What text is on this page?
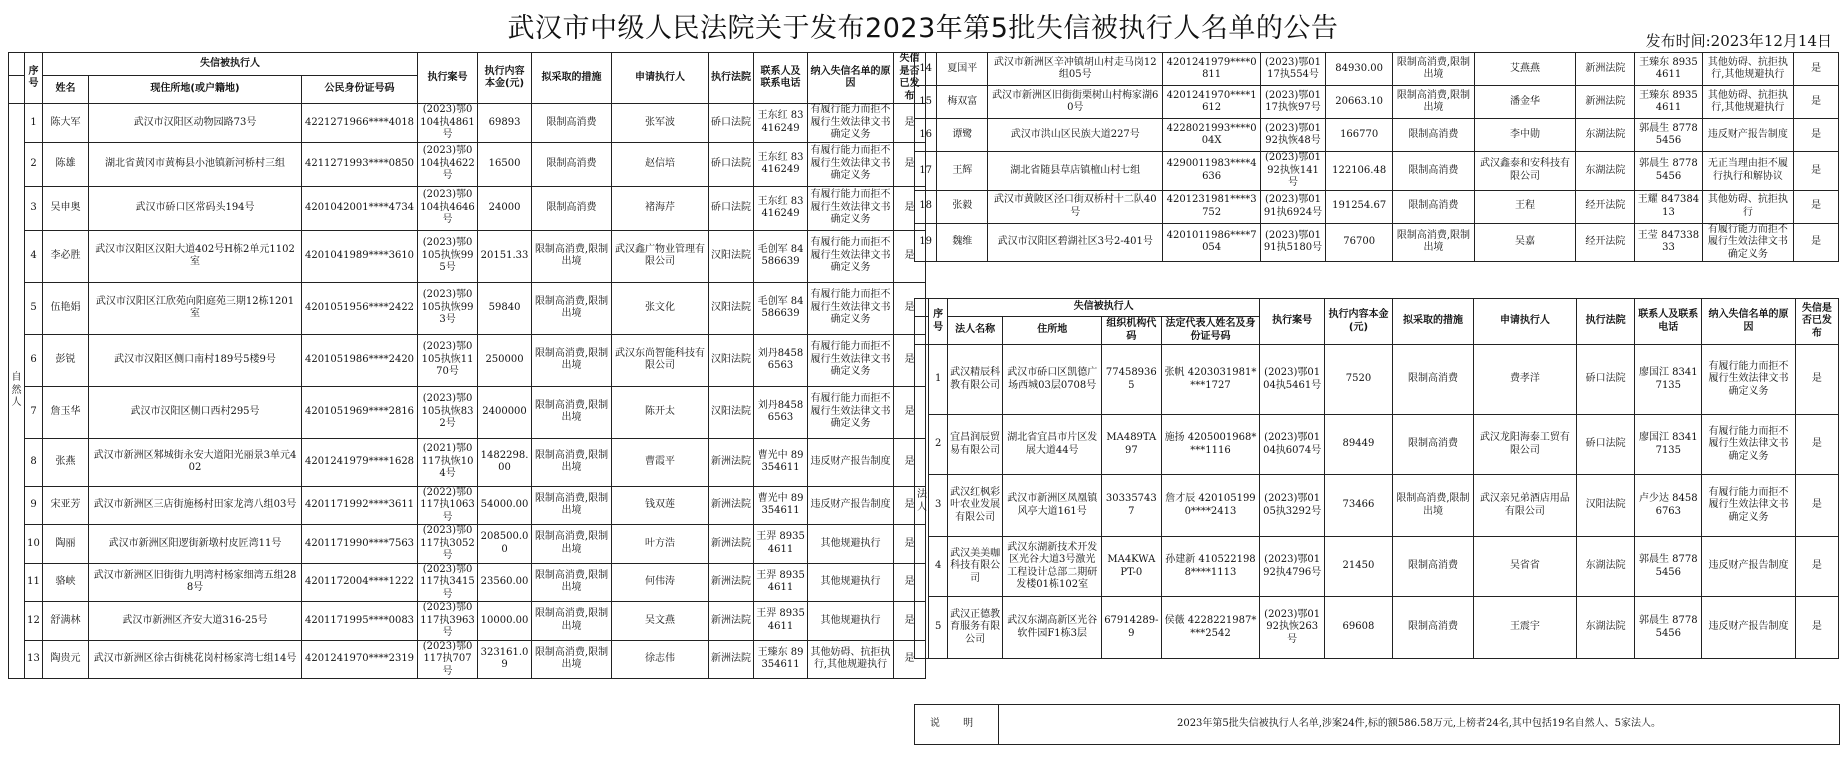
武汉市中级人民法院关于发布2023年第5批失信被执行人名单的公告	发布时间:2023年12月14日
	序号	失信被执行人			执行案号	执行内容本金(元)	拟采取的措施	申请执行人	执行法院	联系人及联系电话	纳入失信名单的原因	失信是否已发布
		姓名	现住所地(或户籍地)	公民身份证号码								
自然人	1	陈大军	武汉市汉阳区动物园路73号	4221271966****4018	(2023)鄂0104执4861号	69893	限制高消费	张军波	硚口法院	王东红 83416249	有履行能力而拒不履行生效法律文书确定义务	是
	2	陈雄	湖北省黄冈市黄梅县小池镇新河桥村三组	4211271993****0850	(2023)鄂0104执4622号	16500	限制高消费	赵信培	硚口法院	王东红 83416249	有履行能力而拒不履行生效法律文书确定义务	是
	3	吴申奥	武汉市硚口区常码头194号	4201042001****4734	(2023)鄂0104执4646号	24000	限制高消费	褚海芹	硚口法院	王东红 83416249	有履行能力而拒不履行生效法律文书确定义务	是
	4	李必胜	武汉市汉阳区汉阳大道402号H栋2单元1102室	4201041989****3610	(2023)鄂0105执恢995号	20151.33	限制高消费,限制出境	武汉鑫广物业管理有限公司	汉阳法院	毛创军 84586639	有履行能力而拒不履行生效法律文书确定义务	是
	5	伍艳娟	武汉市汉阳区江欣苑向阳庭苑三期12栋1201室	4201051956****2422	(2023)鄂0105执恢993号	59840	限制高消费,限制出境	张文化	汉阳法院	毛创军 84586639	有履行能力而拒不履行生效法律文书确定义务	是
	6	彭锐	武汉市汉阳区侧口南村189号5楼9号	4201051986****2420	(2023)鄂0105执恢1170号	250000	限制高消费,限制出境	武汉东尚智能科技有限公司	汉阳法院	刘丹84586563	有履行能力而拒不履行生效法律文书确定义务	是
	7	詹玉华	武汉市汉阳区侧口西村295号	4201051969****2816	(2023)鄂0105执恢832号	2400000	限制高消费,限制出境	陈开太	汉阳法院	刘丹84586563	有履行能力而拒不履行生效法律文书确定义务	是
	8	张燕	武汉市新洲区邾城街永安大道阳光丽景3单元402	4201241979****1628	(2021)鄂0117执恢104号	1482298.00	限制高消费,限制出境	曹霞平	新洲法院	曹光中 89354611	违反财产报告制度	是
	9	宋亚芳	武汉市新洲区三店街施杨村田家龙湾八组03号	4201171992****3611	(2022)鄂0117执1063号	54000.00	限制高消费,限制出境	钱双莲	新洲法院	曹光中 89354611	违反财产报告制度	是
	10	陶丽	武汉市新洲区阳逻街新墩村皮匠湾11号	4201171990****7563	(2023)鄂0117执3052号	208500.00	限制高消费,限制出境	叶方浩	新洲法院	王羿 89354611	其他规避执行	是
	11	骆峡	武汉市新洲区旧街街九明湾村杨家细湾五组288号	4201172004****1222	(2023)鄂0117执3415号	23560.00	限制高消费,限制出境	何伟涛	新洲法院	王羿 89354611	其他规避执行	是
	12	舒满林	武汉市新洲区齐安大道316-25号	4201171995****0083	(2023)鄂0117执3963号	10000.00	限制高消费,限制出境	吴文燕	新洲法院	王羿 89354611	其他规避执行	是
	13	陶贵元	武汉市新洲区徐古街桃花岗村杨家湾七组14号	4201241970****2319	(2023)鄂0117执707号	323161.09	限制高消费,限制出境	徐志伟	新洲法院	王臻东 89354611	其他妨碍、抗拒执行,其他规避执行	是
14	夏国平	武汉市新洲区辛冲镇胡山村走马岗12组05号	4201241979****0811	(2023)鄂0117执554号	84930.00	限制高消费,限制出境	艾燕燕	新洲法院	王臻东 89354611	其他妨碍、抗拒执行,其他规避执行	是
15	梅双富	武汉市新洲区旧街街栗树山村梅家湖60号	4201241970****1612	(2023)鄂0117执恢97号	20663.10	限制高消费,限制出境	潘金华	新洲法院	王臻东 89354611	其他妨碍、抗拒执行,其他规避执行	是
16	谭鹭	武汉市洪山区民族大道227号	4228021993****004X	(2023)鄂0192执恢48号	166770	限制高消费	李中勋	东湖法院	郭晨生 87785456	违反财产报告制度	是
17	王辉	湖北省随县草店镇檀山村七组	4290011983****4636	(2023)鄂0192执恢141号	122106.48	限制高消费	武汉鑫泰和安科技有限公司	东湖法院	郭晨生 87785456	无正当理由拒不履行执行和解协议	是
18	张毅	武汉市黄陂区泾口街双桥村十二队40号	4201231981****3752	(2023)鄂0191执6924号	191254.67	限制高消费	王程	经开法院	王耀 84738413	其他妨碍、抗拒执行	是
19	魏维	武汉市汉阳区碧湖社区3号2-401号	4201011986****7054	(2023)鄂0191执5180号	76700	限制高消费,限制出境	吴嘉	经开法院	王莹 84733833	有履行能力而拒不履行生效法律文书确定义务	是
	序号	失信被执行人				执行案号	执行内容本金(元)	拟采取的措施	申请执行人	执行法院	联系人及联系电话	纳入失信名单的原因	失信是否已发布
		法人名称	住所地	组织机构代码	法定代表人姓名及身份证号码								
法人	1	武汉精辰科教有限公司	武汉市硚口区凯德广场西城03层0708号	774589365	张帆 4203031981****1727	(2023)鄂0104执5461号	7520	限制高消费	费孝洋	硚口法院	廖国江 83417135	有履行能力而拒不履行生效法律文书确定义务	是
	2	宜昌润辰贸易有限公司	湖北省宜昌市片区发展大道44号	MA489TA97	施扬 4205001968****1116	(2023)鄂0104执6074号	89449	限制高消费	武汉龙阳海泰工贸有限公司	硚口法院	廖国江 83417135	有履行能力而拒不履行生效法律文书确定义务	是
	3	武汉红枫彩叶农业发展有限公司	武汉市新洲区凤凰镇风亭大道161号	303357437	詹才辰 4201051990****2413	(2023)鄂0105执3292号	73466	限制高消费,限制出境	武汉亲兄弟酒店用品有限公司	汉阳法院	卢少达 84586763	有履行能力而拒不履行生效法律文书确定义务	是
	4	武汉美美咖科技有限公司	武汉东湖新技术开发区光谷大道3号激光工程设计总部二期研发楼01栋102室	MA4KWAPT-0	孙建新 4105221988****1113	(2023)鄂0192执4796号	21450	限制高消费	吴省省	东湖法院	郭晨生 87785456	违反财产报告制度	是
	5	武汉正德教育服务有限公司	武汉东湖高新区光谷软件园F1栋3层	67914289-9	侯薇 4228221987****2542	(2023)鄂0192执恢263号	69608	限制高消费	王震宇	东湖法院	郭晨生 87785456	违反财产报告制度	是
说 明	2023年第5批失信被执行人名单,涉案24件,标的额586.58万元,上榜者24名,其中包括19名自然人、5家法人。
